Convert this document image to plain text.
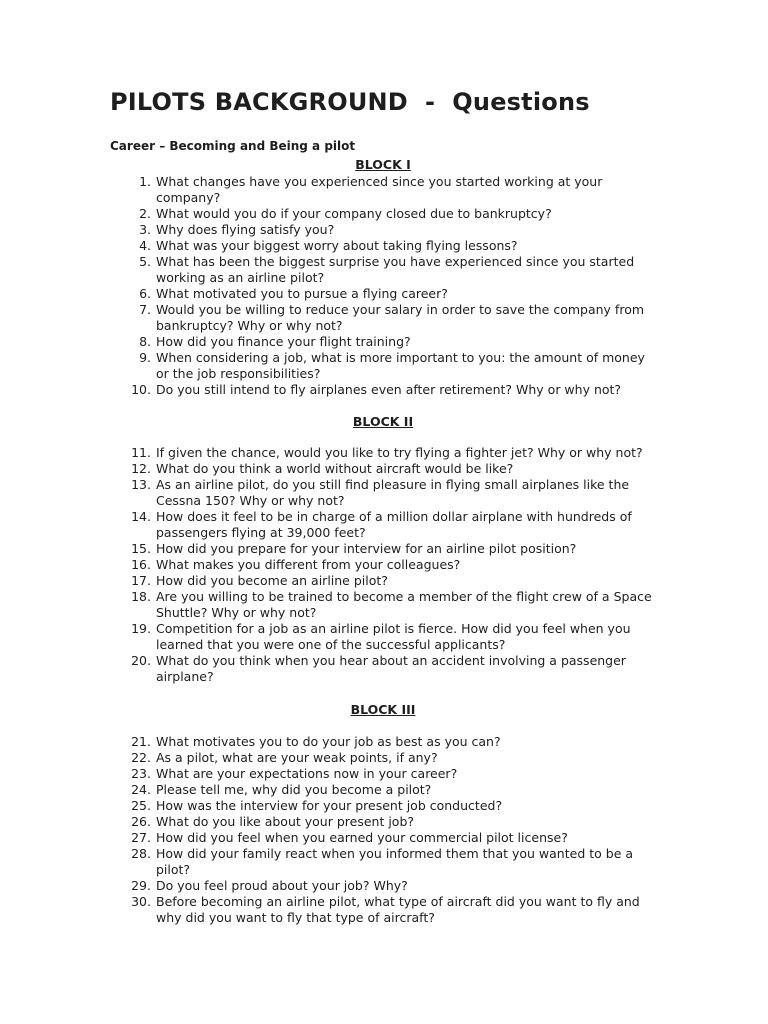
PILOTS BACKGROUND  -  Questions
Career – Becoming and Being a pilot
BLOCK I
1. What changes have you experienced since you started working at your company?
2. What would you do if your company closed due to bankruptcy?
3. Why does flying satisfy you?
4. What was your biggest worry about taking flying lessons?
5. What has been the biggest surprise you have experienced since you started working as an airline pilot?
6. What motivated you to pursue a flying career?
7. Would you be willing to reduce your salary in order to save the company from bankruptcy? Why or why not?
8. How did you finance your flight training?
9. When considering a job, what is more important to you: the amount of money or the job responsibilities?
10. Do you still intend to fly airplanes even after retirement? Why or why not?
BLOCK II
11. If given the chance, would you like to try flying a fighter jet? Why or why not?
12. What do you think a world without aircraft would be like?
13. As an airline pilot, do you still find pleasure in flying small airplanes like the Cessna 150? Why or why not?
14. How does it feel to be in charge of a million dollar airplane with hundreds of passengers flying at 39,000 feet?
15. How did you prepare for your interview for an airline pilot position?
16. What makes you different from your colleagues?
17. How did you become an airline pilot?
18. Are you willing to be trained to become a member of the flight crew of a Space Shuttle? Why or why not?
19. Competition for a job as an airline pilot is fierce. How did you feel when you learned that you were one of the successful applicants?
20. What do you think when you hear about an accident involving a passenger airplane?
BLOCK III
21. What motivates you to do your job as best as you can?
22. As a pilot, what are your weak points, if any?
23. What are your expectations now in your career?
24. Please tell me, why did you become a pilot?
25. How was the interview for your present job conducted?
26. What do you like about your present job?
27. How did you feel when you earned your commercial pilot license?
28. How did your family react when you informed them that you wanted to be a pilot?
29. Do you feel proud about your job? Why?
30. Before becoming an airline pilot, what type of aircraft did you want to fly and why did you want to fly that type of aircraft?
